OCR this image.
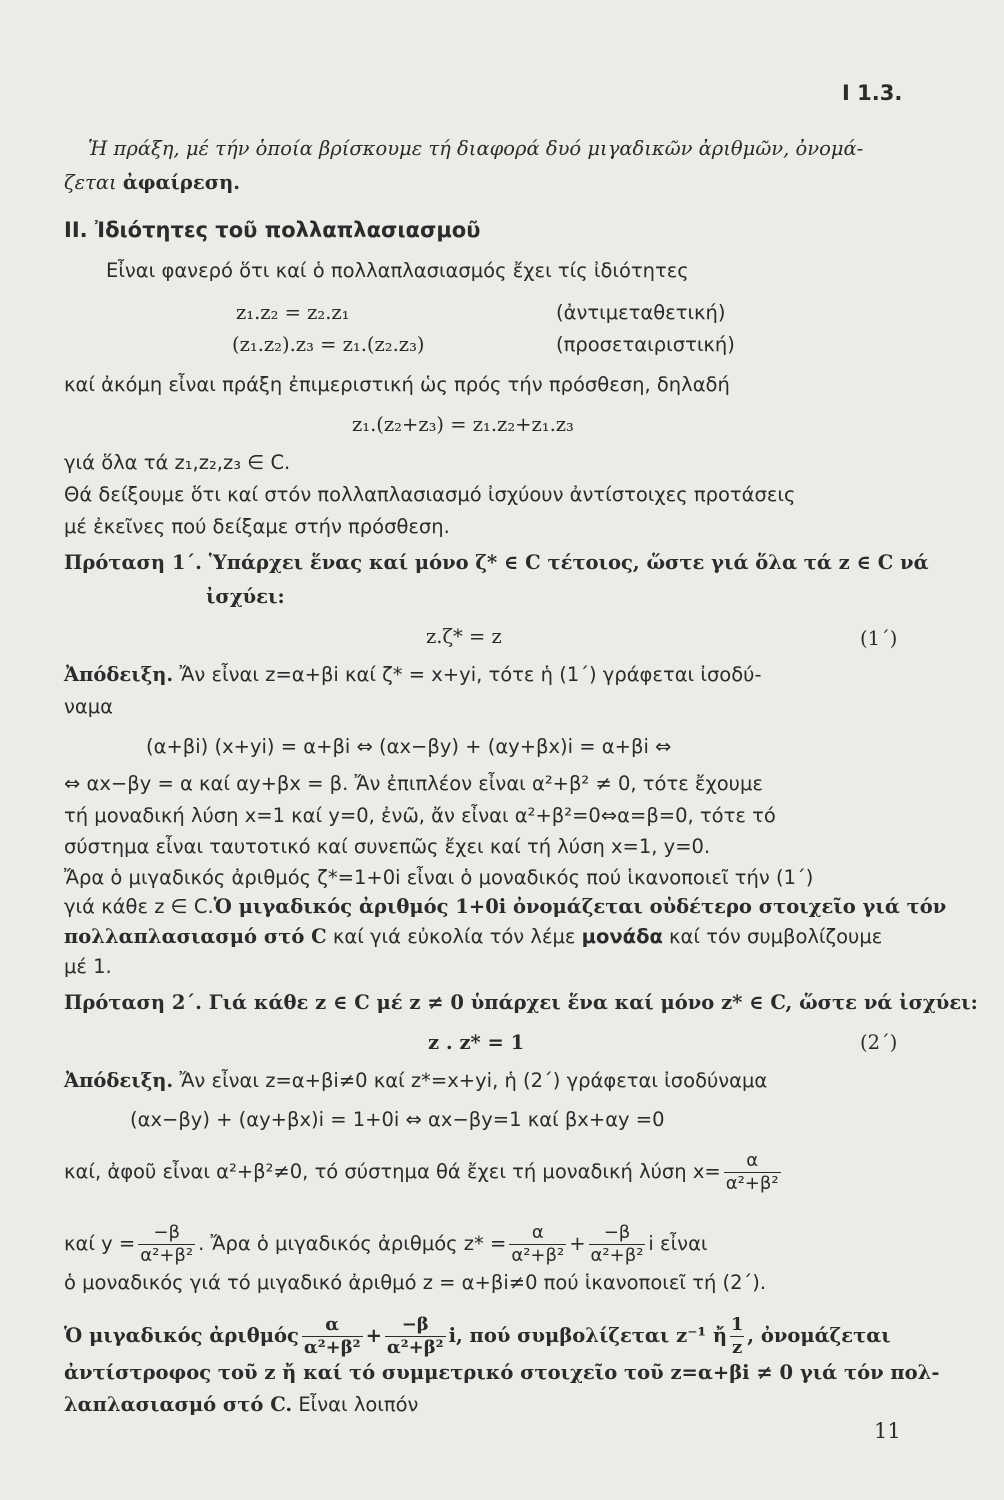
I 1.3.
Ἡ πράξη, μέ τήν ὁποία βρίσκουμε τή διαφορά δυό μιγαδικῶν ἀριθμῶν, ὀνομά-
ζεται ἀφαίρεση.
II. Ἰδιότητες τοῦ πολλαπλασιασμοῦ
Εἶναι φανερό ὅτι καί ὁ πολλαπλασιασμός ἔχει τίς ἰδιότητες
z₁.z₂ = z₂.z₁	(ἀντιμεταθετική)
(z₁.z₂).z₃ = z₁.(z₂.z₃)	(προσεταιριστική)
καί ἀκόμη εἶναι πράξη ἐπιμεριστική ὡς πρός τήν πρόσθεση, δηλαδή
z₁.(z₂+z₃) = z₁.z₂+z₁.z₃
γιά ὅλα τά z₁,z₂,z₃ ∈ C.
Θά δείξουμε ὅτι καί στόν πολλαπλασιασμό ἰσχύουν ἀντίστοιχες προτάσεις
μέ ἐκεῖνες πού δείξαμε στήν πρόσθεση.
Πρόταση 1΄. Ὑπάρχει ἕνας καί μόνο ζ* ∈ C τέτοιος, ὥστε γιά ὅλα τά z ∈ C νά
ἰσχύει:
z.ζ* = z	(1΄)
Ἀπόδειξη. Ἄν εἶναι z=α+βi καί ζ* = x+yi, τότε ἡ (1΄) γράφεται ἰσοδύ-
ναμα
(α+βi) (x+yi) = α+βi ⇔ (αx−βy) + (αy+βx)i = α+βi ⇔
⇔ αx−βy = α καί αy+βx = β. Ἄν ἐπιπλέον εἶναι α²+β² ≠ 0, τότε ἔχουμε
τή μοναδική λύση x=1 καί y=0, ἐνῶ, ἄν εἶναι α²+β²=0⇔α=β=0, τότε τό
σύστημα εἶναι ταυτοτικό καί συνεπῶς ἔχει καί τή λύση x=1, y=0.
Ἄρα ὁ μιγαδικός ἀριθμός ζ*=1+0i εἶναι ὁ μοναδικός πού ἱκανοποιεῖ τήν (1΄)
γιά κάθε z ∈ C.Ὁ μιγαδικός ἀριθμός 1+0i ὀνομάζεται οὐδέτερο στοιχεῖο γιά τόν
πολλαπλασιασμό στό C καί γιά εὐκολία τόν λέμε μονάδα καί τόν συμβολίζουμε
μέ 1.
Πρόταση 2΄. Γιά κάθε z ∈ C μέ z ≠ 0 ὑπάρχει ἕνα καί μόνο z* ∈ C, ὥστε νά ἰσχύει:
z . z* = 1	(2΄)
Ἀπόδειξη. Ἄν εἶναι z=α+βi≠0 καί z*=x+yi, ἡ (2΄) γράφεται ἰσοδύναμα
(αx−βy) + (αy+βx)i = 1+0i ⇔ αx−βy=1 καί βx+αy =0
καί, ἀφοῦ εἶναι α²+β²≠0, τό σύστημα θά ἔχει τή μοναδική λύση $x= \frac{\alpha}{\text{α²+β²}}$
καί $y = \frac{-\beta}{\text{α²+β²}}$ . Ἄρα ὁ μιγαδικός ἀριθμός $z* = \frac{\alpha}{\text{α²+β²}} + \frac{-\beta}{\text{α²+β²}}$ i εἶναι
ὁ μοναδικός γιά τό μιγαδικό ἀριθμό z = α+βi≠0 πού ἱκανοποιεῖ τή (2΄).
Ὁ μιγαδικός ἀριθμός $\frac{\alpha}{\text{α²+β²}} + \frac{-\beta}{\text{α²+β²}} i$, πού συμβολίζεται z⁻¹ ἤ $\frac{1}{z}$ , ὀνομάζεται
ἀντίστροφος τοῦ z ἤ καί τό συμμετρικό στοιχεῖο τοῦ z=α+βi ≠ 0 γιά τόν πολ-
λαπλασιασμό στό C. Εἶναι λοιπόν
11
